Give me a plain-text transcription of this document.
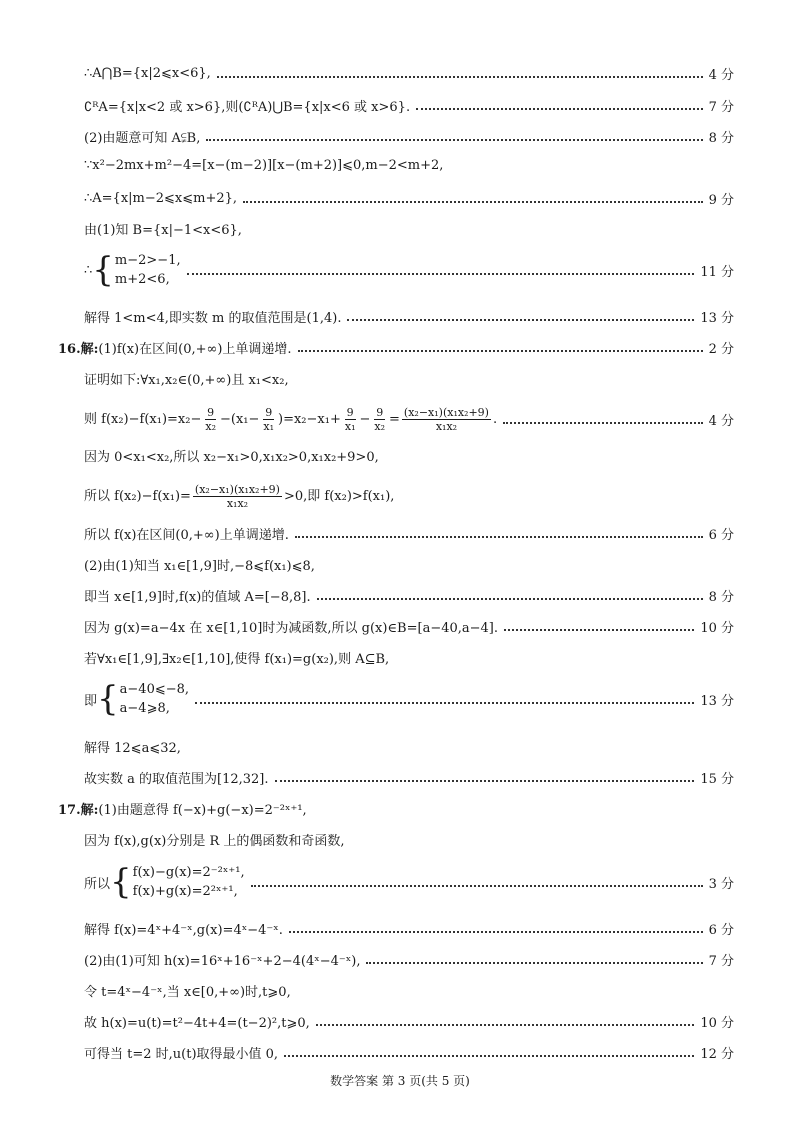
∴A⋂B={x|2⩽x<6},	4 分
∁ᴿA={x|x<2 或 x>6},则(∁ᴿA)⋃B={x|x<6 或 x>6}.	7 分
(2)由题意可知 A⫋B,	8 分
∵x²−2mx+m²−4=[x−(m−2)][x−(m+2)]⩽0,m−2<m+2,
∴A={x|m−2⩽x⩽m+2},	9 分
由(1)知 B={x|−1<x<6},
∴ { m−2>−1,
m+2<6,	11 分
解得 1<m<4,即实数 m 的取值范围是(1,4).	13 分
16.解: (1)f(x)在区间(0,+∞)上单调递增.	2 分
证明如下:∀x₁,x₂∈(0,+∞)且 x₁<x₂,
则 $f(x_2)-f(x_1)=x_2- \frac{9}{\text{x₂}} -(x_1- \frac{9}{\text{x₁}} )=x_2-x_1+ \frac{9}{\text{x₁}} - \frac{9}{\text{x₂}} = \frac{\text{(x₂−x₁)(x₁x₂+9)}}{\text{x₁x₂}}$ .	4 分
因为 0<x₁<x₂,所以 x₂−x₁>0,x₁x₂>0,x₁x₂+9>0,
所以 $f(x_2)-f(x_1)= \frac{\text{(x₂−x₁)(x₁x₂+9)}}{\text{x₁x₂}} >0$,即 f(x₂)>f(x₁),
所以 f(x)在区间(0,+∞)上单调递增.	6 分
(2)由(1)知当 x₁∈[1,9]时,−8⩽f(x₁)⩽8,
即当 x∈[1,9]时,f(x)的值域 A=[−8,8].	8 分
因为 g(x)=a−4x 在 x∈[1,10]时为减函数,所以 g(x)∈B=[a−40,a−4].	10 分
若∀x₁∈[1,9],∃x₂∈[1,10],使得 f(x₁)=g(x₂),则 A⊆B,
即 { a−40⩽−8,
a−4⩾8,	13 分
解得 12⩽a⩽32,
故实数 a 的取值范围为[12,32].	15 分
17.解: (1)由题意得 f(−x)+g(−x)=2⁻²ˣ⁺¹,
因为 f(x),g(x)分别是 R 上的偶函数和奇函数,
所以 { f(x)−g(x)=2⁻²ˣ⁺¹,
f(x)+g(x)=2²ˣ⁺¹,	3 分
解得 f(x)=4ˣ+4⁻ˣ,g(x)=4ˣ−4⁻ˣ.	6 分
(2)由(1)可知 h(x)=16ˣ+16⁻ˣ+2−4(4ˣ−4⁻ˣ),	7 分
令 t=4ˣ−4⁻ˣ,当 x∈[0,+∞)时,t⩾0,
故 h(x)=u(t)=t²−4t+4=(t−2)²,t⩾0,	10 分
可得当 t=2 时,u(t)取得最小值 0,	12 分
数学答案 第 3 页(共 5 页)
